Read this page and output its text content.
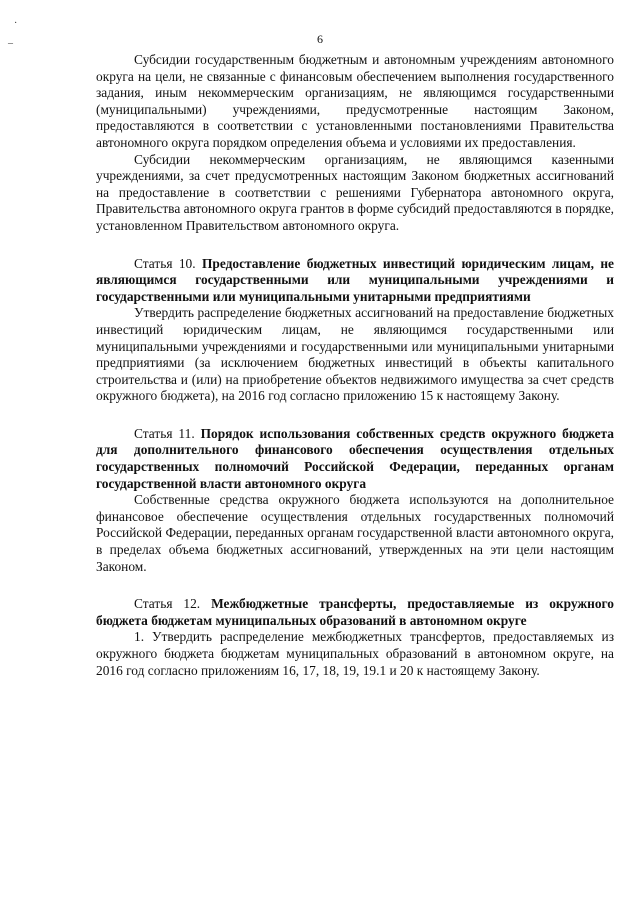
·
–	6

Субсидии государственным бюджетным и автономным учреждениям автономного округа на цели, не связанные с финансовым обеспечением выполнения государственного задания, иным некоммерческим организациям, не являющимся государственными (муниципальными) учреждениями, предусмотренные настоящим Законом, предоставляются в соответствии с установленными постановлениями Правительства автономного округа порядком определения объема и условиями их предоставления.

Субсидии некоммерческим организациям, не являющимся казенными учреждениями, за счет предусмотренных настоящим Законом бюджетных ассигнований на предоставление в соответствии с решениями Губернатора автономного округа, Правительства автономного округа грантов в форме субсидий предоставляются в порядке, установленном Правительством автономного округа.

Статья 10. Предоставление бюджетных инвестиций юридическим лицам, не являющимся государственными или муниципальными учреждениями и государственными или муниципальными унитарными предприятиями

Утвердить распределение бюджетных ассигнований на предоставление бюджетных инвестиций юридическим лицам, не являющимся государственными или муниципальными учреждениями и государственными или муниципальными унитарными предприятиями (за исключением бюджетных инвестиций в объекты капитального строительства и (или) на приобретение объектов недвижимого имущества за счет средств окружного бюджета), на 2016 год согласно приложению 15 к настоящему Закону.

Статья 11. Порядок использования собственных средств окружного бюджета для дополнительного финансового обеспечения осуществления отдельных государственных полномочий Российской Федерации, переданных органам государственной власти автономного округа

Собственные средства окружного бюджета используются на дополнительное финансовое обеспечение осуществления отдельных государственных полномочий Российской Федерации, переданных органам государственной власти автономного округа, в пределах объема бюджетных ассигнований, утвержденных на эти цели настоящим Законом.

Статья 12. Межбюджетные трансферты, предоставляемые из окружного бюджета бюджетам муниципальных образований в автономном округе

1. Утвердить распределение межбюджетных трансфертов, предоставляемых из окружного бюджета бюджетам муниципальных образований в автономном округе, на 2016 год согласно приложениям 16, 17, 18, 19, 19.1 и 20 к настоящему Закону.
